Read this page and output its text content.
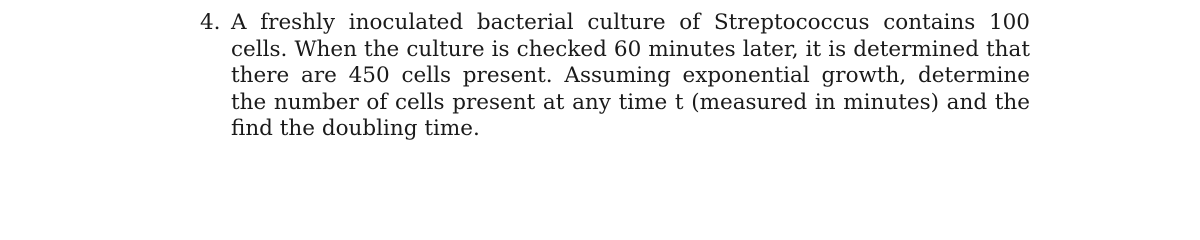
4. A freshly inoculated bacterial culture of Streptococcus contains 100 cells. When the culture is checked 60 minutes later, it is determined that there are 450 cells present. Assuming exponential growth, determine the number of cells present at any time t (measured in minutes) and the find the doubling time.
